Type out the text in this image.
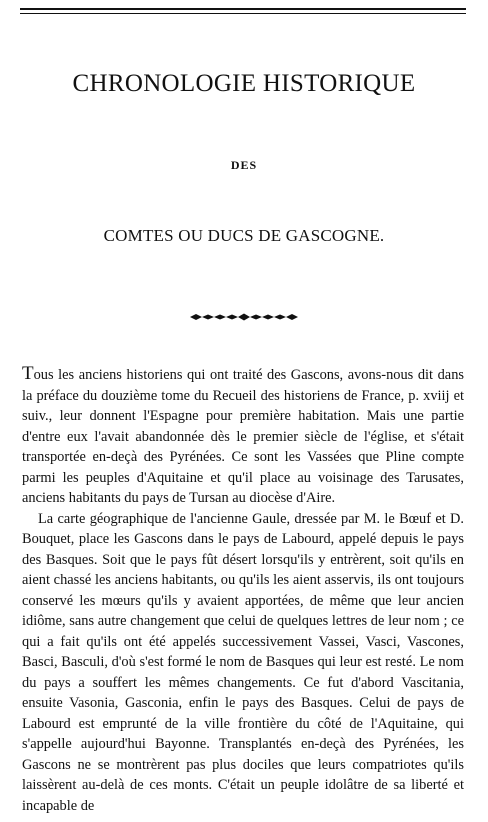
CHRONOLOGIE HISTORIQUE
DES
COMTES OU DUCS DE GASCOGNE.

Tous les anciens historiens qui ont traité des Gascons, avons-nous dit dans la préface du douzième tome du Recueil des historiens de France, p. xviij et suiv., leur donnent l'Espagne pour première habitation. Mais une partie d'entre eux l'avait abandonnée dès le premier siècle de l'église, et s'était transportée en-deçà des Pyrénées. Ce sont les Vassées que Pline compte parmi les peuples d'Aquitaine et qu'il place au voisinage des Tarusates, anciens habitants du pays de Tursan au diocèse d'Aire.

La carte géographique de l'ancienne Gaule, dressée par M. le Bœuf et D. Bouquet, place les Gascons dans le pays de Labourd, appelé depuis le pays des Basques. Soit que le pays fût désert lorsqu'ils y entrèrent, soit qu'ils en aient chassé les anciens habitants, ou qu'ils les aient asservis, ils ont toujours conservé les mœurs qu'ils y avaient apportées, de même que leur ancien idiôme, sans autre changement que celui de quelques lettres de leur nom ; ce qui a fait qu'ils ont été appelés successivement Vassei, Vasci, Vascones, Basci, Basculi, d'où s'est formé le nom de Basques qui leur est resté. Le nom du pays a souffert les mêmes changements. Ce fut d'abord Vascitania, ensuite Vasonia, Gasconia, enfin le pays des Basques. Celui de pays de Labourd est emprunté de la ville frontière du côté de l'Aquitaine, qui s'appelle aujourd'hui Bayonne. Transplantés en-deçà des Pyrénées, les Gascons ne se montrèrent pas plus dociles que leurs compatriotes qu'ils laissèrent au-delà de ces monts. C'était un peuple idolâtre de sa liberté et incapable de
